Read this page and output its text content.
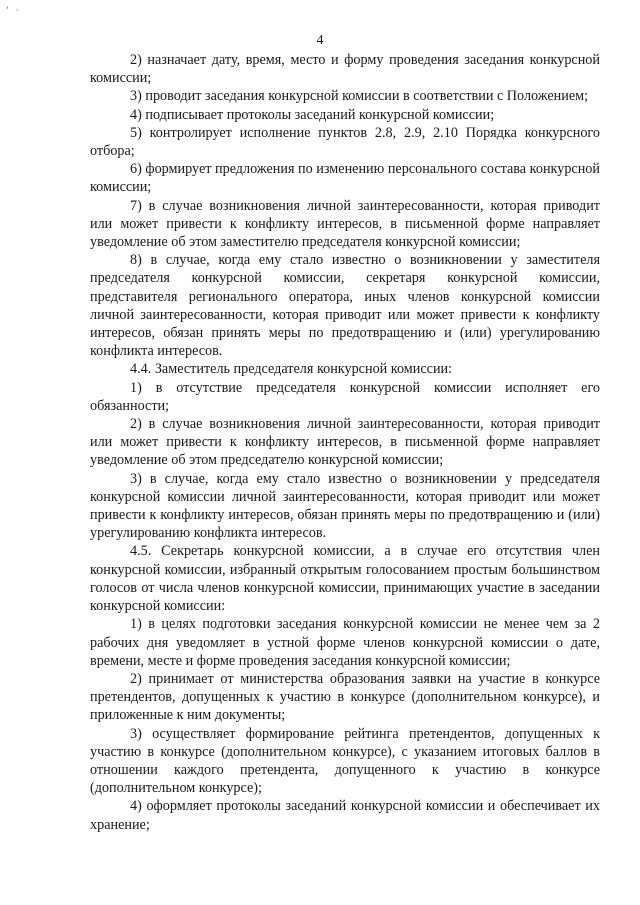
‘ ·
4

2) назначает дату, время, место и форму проведения заседания конкурсной комиссии;

3) проводит заседания конкурсной комиссии в соответствии с Положением;

4) подписывает протоколы заседаний конкурсной комиссии;

5) контролирует исполнение пунктов 2.8, 2.9, 2.10 Порядка конкурсного отбора;

6) формирует предложения по изменению персонального состава конкурсной комиссии;

7) в случае возникновения личной заинтересованности, которая приводит или может привести к конфликту интересов, в письменной форме направляет уведомление об этом заместителю председателя конкурсной комиссии;

8) в случае, когда ему стало известно о возникновении у заместителя председателя конкурсной комиссии, секретаря конкурсной комиссии, представителя регионального оператора, иных членов конкурсной комиссии личной заинтересованности, которая приводит или может привести к конфликту интересов, обязан принять меры по предотвращению и (или) урегулированию конфликта интересов.

4.4. Заместитель председателя конкурсной комиссии:

1) в отсутствие председателя конкурсной комиссии исполняет его обязанности;

2) в случае возникновения личной заинтересованности, которая приводит или может привести к конфликту интересов, в письменной форме направляет уведомление об этом председателю конкурсной комиссии;

3) в случае, когда ему стало известно о возникновении у председателя конкурсной комиссии личной заинтересованности, которая приводит или может привести к конфликту интересов, обязан принять меры по предотвращению и (или) урегулированию конфликта интересов.

4.5. Секретарь конкурсной комиссии, а в случае его отсутствия член конкурсной комиссии, избранный открытым голосованием простым большинством голосов от числа членов конкурсной комиссии, принимающих участие в заседании конкурсной комиссии:

1) в целях подготовки заседания конкурсной комиссии не менее чем за 2 рабочих дня уведомляет в устной форме членов конкурсной комиссии о дате, времени, месте и форме проведения заседания конкурсной комиссии;

2) принимает от министерства образования заявки на участие в конкурсе претендентов, допущенных к участию в конкурсе (дополнительном конкурсе), и приложенные к ним документы;

3) осуществляет формирование рейтинга претендентов, допущенных к участию в конкурсе (дополнительном конкурсе), с указанием итоговых баллов в отношении каждого претендента, допущенного к участию в конкурсе (дополнительном конкурсе);

4) оформляет протоколы заседаний конкурсной комиссии и обеспечивает их хранение;
